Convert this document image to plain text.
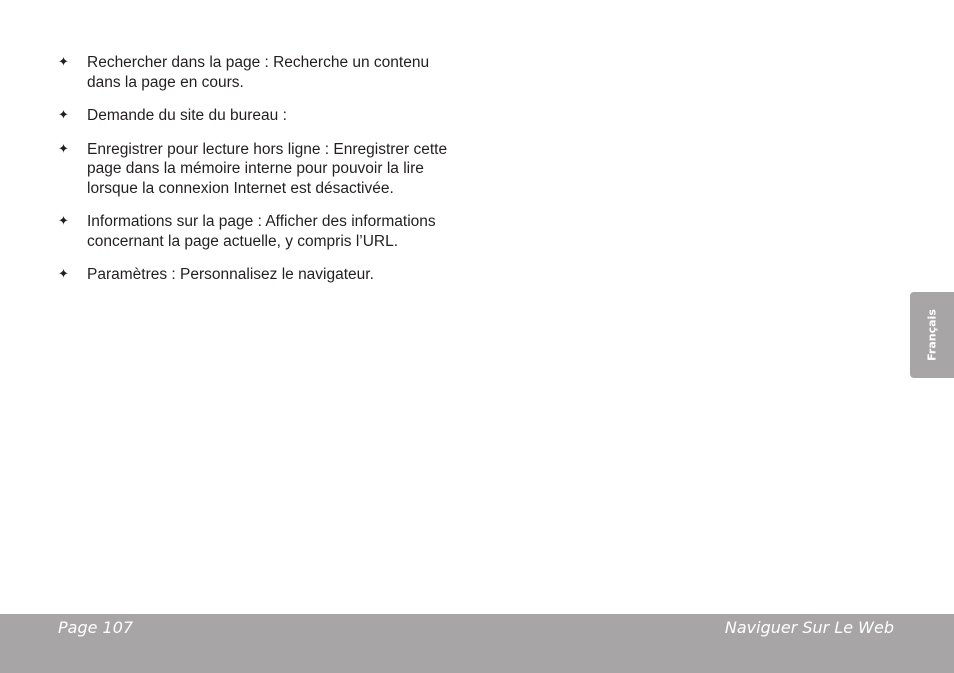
✦ Rechercher dans la page : Recherche un contenu
dans la page en cours.
✦ Demande du site du bureau :
✦ Enregistrer pour lecture hors ligne : Enregistrer cette
page dans la mémoire interne pour pouvoir la lire
lorsque la connexion Internet est désactivée.
✦ Informations sur la page : Afficher des informations
concernant la page actuelle, y compris l’URL.
✦ Paramètres : Personnalisez le navigateur.
Français
Page 107	Naviguer Sur Le Web
